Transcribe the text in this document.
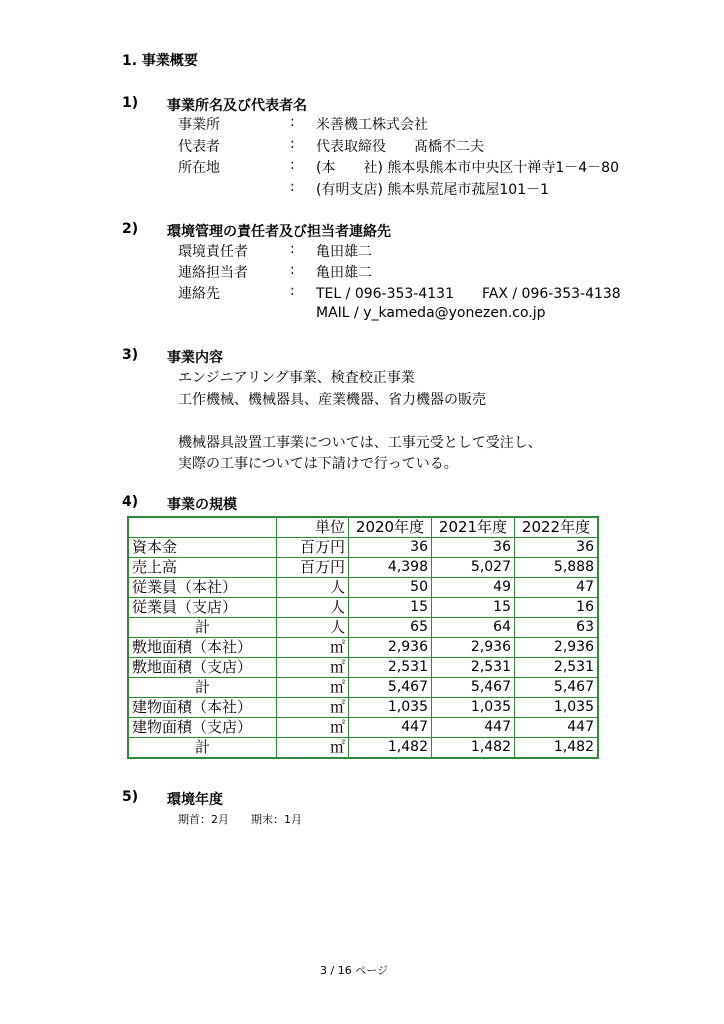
1. 事業概要
1) 事業所名及び代表者名
事業所	: 米善機工株式会社
代表者	: 代表取締役　　髙橋不二夫
所在地	: (本　　社) 熊本県熊本市中央区十禅寺1－4－80
: (有明支店) 熊本県荒尾市菰屋101－1
2) 環境管理の責任者及び担当者連絡先
環境責任者	: 亀田雄二
連絡担当者	: 亀田雄二
連絡先	: TEL / 096-353-4131　　FAX / 096-353-4138
MAIL / y_kameda@yonezen.co.jp
3) 事業内容
エンジニアリング事業、検査校正事業
工作機械、機械器具、産業機器、省力機器の販売
機械器具設置工事業については、工事元受として受注し、
実際の工事については下請けで行っている。
4) 事業の規模
	単位	2020年度	2021年度	2022年度
資本金	百万円	36	36	36
売上高	百万円	4,398	5,027	5,888
従業員（本社）	人	50	49	47
従業員（支店）	人	15	15	16
計	人	65	64	63
敷地面積（本社）	㎡	2,936	2,936	2,936
敷地面積（支店）	㎡	2,531	2,531	2,531
計	㎡	5,467	5,467	5,467
建物面積（本社）	㎡	1,035	1,035	1,035
建物面積（支店）	㎡	447	447	447
計	㎡	1,482	1,482	1,482
5) 環境年度
期首：2月　　期末：1月
3 / 16 ページ
